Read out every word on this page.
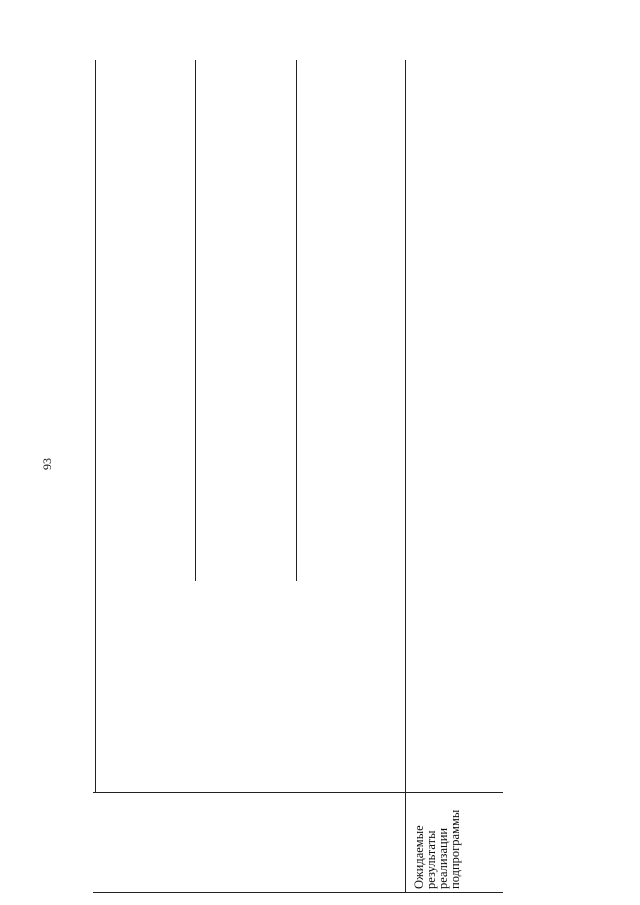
93
Ожидаемые
результаты
реализации
подпрограммы
